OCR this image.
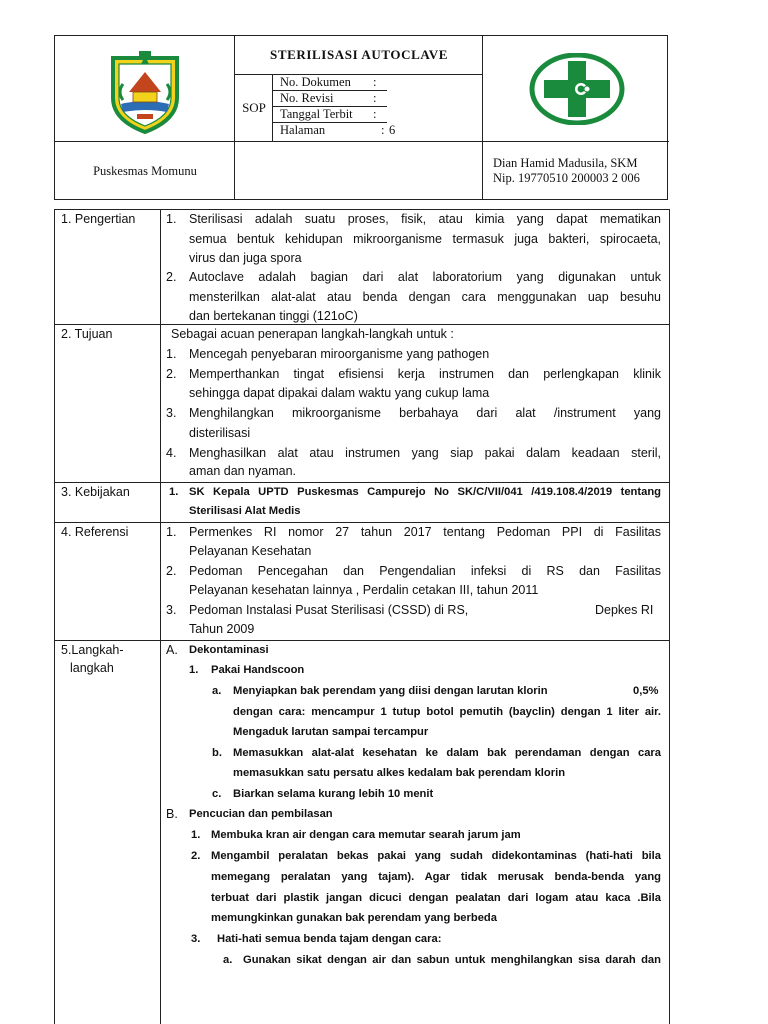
STERILISASI AUTOCLAVE
SOP
No. Dokumen :
No. Revisi	:
Tanggal Terbit :
Halaman	: 6
Puskesmas Momunu
Dian Hamid Madusila, SKM
Nip. 19770510 200003 2 006
1. Pengertian 1. Sterilisasi adalah suatu proses, fisik, atau kimia yang dapat mematikan
semua bentuk kehidupan mikroorganisme termasuk juga bakteri, spirocaeta,
virus dan juga spora
2. Autoclave adalah bagian dari alat laboratorium yang digunakan untuk
mensterilkan alat-alat atau benda dengan cara menggunakan uap besuhu
dan bertekanan tinggi (121oC)
2. Tujuan	Sebagai acuan penerapan langkah-langkah untuk :
1. Mencegah penyebaran miroorganisme yang pathogen
2. Memperthankan tingat efisiensi kerja instrumen dan perlengkapan klinik
sehingga dapat dipakai dalam waktu yang cukup lama
3. Menghilangkan mikroorganisme berbahaya dari alat /instrument yang
disterilisasi
4. Menghasilkan alat atau instrumen yang siap pakai dalam keadaan steril,
aman dan nyaman.
3. Kebijakan	1. SK Kepala UPTD Puskesmas Campurejo No SK/C/VII/041 /419.108.4/2019 tentang
Sterilisasi Alat Medis
4. Referensi	1. Permenkes RI nomor 27 tahun 2017 tentang Pedoman PPI di Fasilitas
Pelayanan Kesehatan
2. Pedoman Pencegahan dan Pengendalian infeksi di RS dan Fasilitas
Pelayanan kesehatan lainnya , Perdalin cetakan III, tahun 2011
3. Pedoman Instalasi Pusat Sterilisasi (CSSD) di RS,	Depkes RI
Tahun 2009
5.Langkah-
langkah
A. Dekontaminasi
1. Pakai Handscoon
a. Menyiapkan bak perendam yang diisi dengan larutan klorin	0,5%
dengan cara: mencampur 1 tutup botol pemutih (bayclin) dengan 1 liter air.
Mengaduk larutan sampai tercampur
b. Memasukkan alat-alat kesehatan ke dalam bak perendaman dengan cara
memasukkan satu persatu alkes kedalam bak perendam klorin
c. Biarkan selama kurang lebih 10 menit
B. Pencucian dan pembilasan
1. Membuka kran air dengan cara memutar searah jarum jam
2. Mengambil peralatan bekas pakai yang sudah didekontaminas (hati-hati bila
memegang peralatan yang tajam). Agar tidak merusak benda-benda yang
terbuat dari plastik jangan dicuci dengan pealatan dari logam atau kaca .Bila
memungkinkan gunakan bak perendam yang berbeda
3. Hati-hati semua benda tajam dengan cara:
a. Gunakan sikat dengan air dan sabun untuk menghilangkan sisa darah dan
